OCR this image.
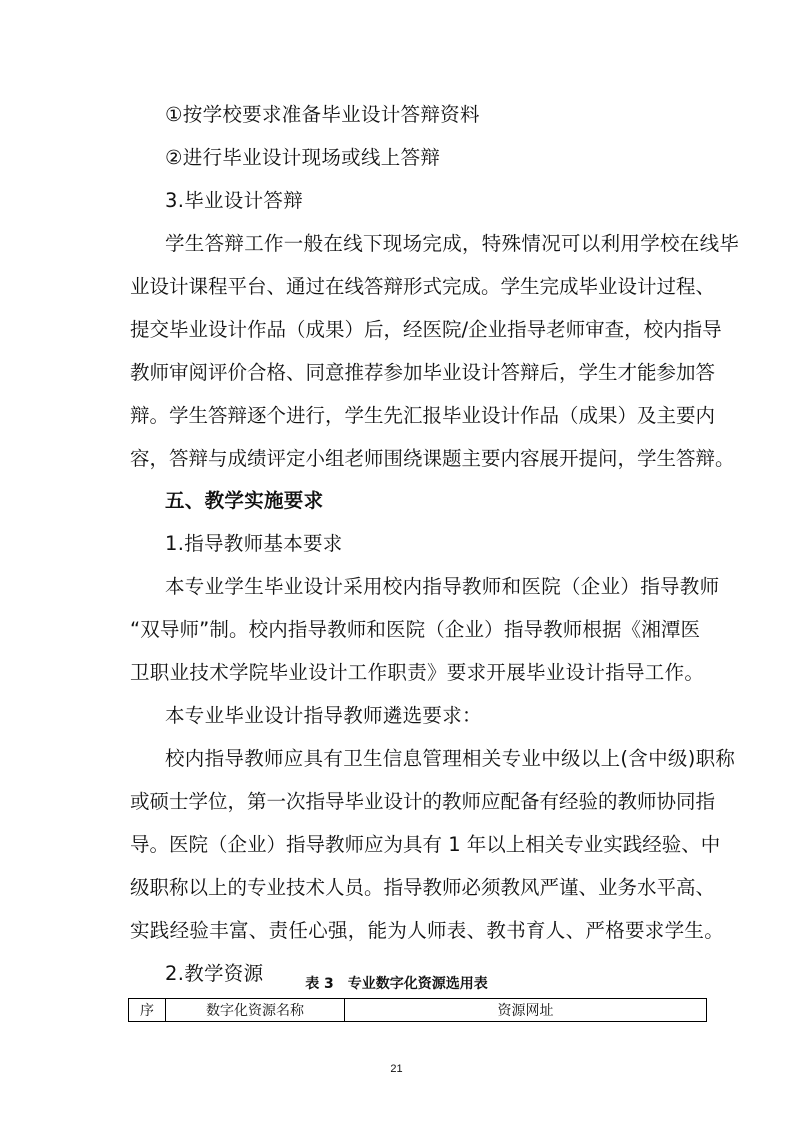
①按学校要求准备毕业设计答辩资料
②进行毕业设计现场或线上答辩
3.毕业设计答辩
学生答辩工作一般在线下现场完成，特殊情况可以利用学校在线毕
业设计课程平台、通过在线答辩形式完成。学生完成毕业设计过程、
提交毕业设计作品（成果）后，经医院/企业指导老师审查，校内指导
教师审阅评价合格、同意推荐参加毕业设计答辩后，学生才能参加答
辩。学生答辩逐个进行，学生先汇报毕业设计作品（成果）及主要内
容，答辩与成绩评定小组老师围绕课题主要内容展开提问，学生答辩。
五、教学实施要求
1.指导教师基本要求
本专业学生毕业设计采用校内指导教师和医院（企业）指导教师
“双导师”制。校内指导教师和医院（企业）指导教师根据《湘潭医
卫职业技术学院毕业设计工作职责》要求开展毕业设计指导工作。
本专业毕业设计指导教师遴选要求：
校内指导教师应具有卫生信息管理相关专业中级以上(含中级)职称
或硕士学位，第一次指导毕业设计的教师应配备有经验的教师协同指
导。医院（企业）指导教师应为具有 1 年以上相关专业实践经验、中
级职称以上的专业技术人员。指导教师必须教风严谨、业务水平高、
实践经验丰富、责任心强，能为人师表、教书育人、严格要求学生。
2.教学资源	表 3　专业数字化资源选用表
序	数字化资源名称	资源网址
21
